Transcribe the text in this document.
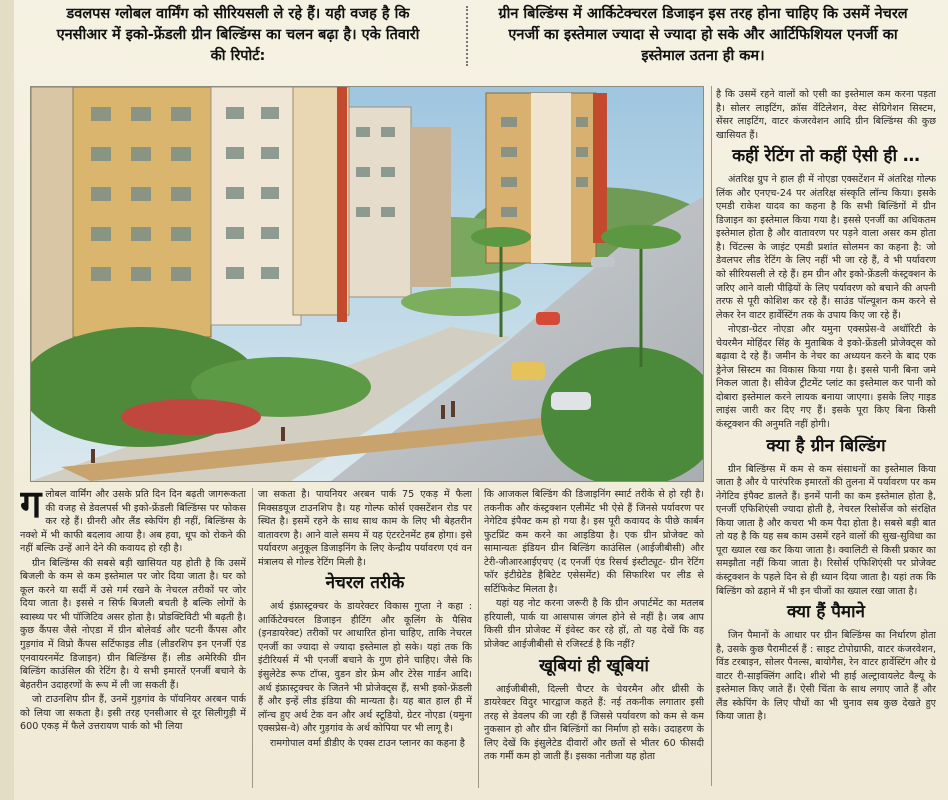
डवलपस ग्लोबल वार्मिंग को सीरियसली ले रहे हैं। यही वजह है कि एनसीआर में इको-फ्रेंडली ग्रीन बिल्डिंग्स का चलन बढ़ा है। एके तिवारी की रिपोर्ट:
ग्रीन बिल्डिंग्स में आर्किटेक्चरल डिजाइन इस तरह होना चाहिए कि उसमें नेचरल एनर्जी का इस्तेमाल ज्यादा से ज्यादा हो सके और आर्टिफिशियल एनर्जी का इस्तेमाल उतना ही कम।

गलोबल वार्मिंग और उसके प्रति दिन दिन बढ़ती जागरूकता की वजह से डेवलपर्स भी इको-फ्रेंडली बिल्डिंग्स पर फोकस कर रहे हैं। ग्रीनरी और लैंड स्केपिंग ही नहीं, बिल्डिंग्स के नक्शे में भी काफी बदलाव आया है। अब हवा, धूप को रोकने की नहीं बल्कि उन्हें आने देने की कवायद हो रही है।

ग्रीन बिल्डिंग्स की सबसे बड़ी खासियत यह होती है कि उसमें बिजली के कम से कम इस्तेमाल पर जोर दिया जाता है। घर को कूल करने या सर्दी में उसे गर्म रखने के नेचरल तरीकों पर जोर दिया जाता है। इससे न सिर्फ बिजली बचती है बल्कि लोगों के स्वास्थ्य पर भी पॉजिटिव असर होता है। प्रोडक्टिविटी भी बढ़ती है। कुछ कैंपस जैसे नोएडा में ग्रीन बोलेवर्ड और पटनी कैंपस और गुड़गांव में विप्रो कैंपस सर्टिफाइड लीड (लीडरशिप इन एनर्जी एंड एनवायरनमेंट डिजाइन) ग्रीन बिल्डिंग्स हैं। लीड अमेरिकी ग्रीन बिल्डिंग काउंसिल की रेटिंग है। ये सभी इमारतें एनर्जी बचाने के बेहतरीन उदाहरणों के रूप में ली जा सकती हैं।

जो टाउनशिप ग्रीन हैं, उनमें गुड़गांव के पॉयनियर अरबन पार्क को लिया जा सकता है। इसी तरह एनसीआर से दूर सिलीगुड़ी में 600 एकड़ में फैले उत्तरायण पार्क को भी लिया

जा सकता है। पायनियर अरबन पार्क 75 एकड़ में फैला मिक्सडयूज टाउनशिप है। यह गोल्फ कोर्स एक्सटेंशन रोड पर स्थित है। इसमें रहने के साथ साथ काम के लिए भी बेहतरीन वातावरण है। आने वाले समय में यह एंटरटेनमेंट हब होगा। इसे पर्यावरण अनुकूल डिजाइनिंग के लिए केन्द्रीय पर्यावरण एवं वन मंत्रालय से गोल्ड रेटिंग मिली है।

नेचरल तरीके

अर्थ इंफ्रास्ट्रक्चर के डायरेक्टर विकास गुप्ता ने कहा : आर्किटेक्चरल डिजाइन हीटिंग और कूलिंग के पैसिव (इनडायरेक्ट) तरीकों पर आधारित होना चाहिए, ताकि नेचरल एनर्जी का ज्यादा से ज्यादा इस्तेमाल हो सके। यहां तक कि इंटीरियर्स में भी एनर्जी बचाने के गुण होने चाहिए। जैसे कि इंसुलेटेड रूफ टॉप्स, वुडन डोर फ्रेम और टेरेस गार्डन आदि। अर्थ इंफ्रास्ट्रक्चर के जितने भी प्रोजेक्ट्स हैं, सभी इको-फ्रेंडली हैं और इन्हें लीड इंडिया की मान्यता है। यह बात हाल ही में लॉन्च हुए अर्थ टेक वन और अर्थ स्टूडियो, ग्रेटर नोएडा (यमुना एक्सप्रेस-वे) और गुड़गांव के अर्थ कोपिया पर भी लागू है।

रामगोपाल वर्मा डीडीए के एक्स टाउन प्लानर का कहना है

कि आजकल बिल्डिंग की डिजाइनिंग स्मार्ट तरीके से हो रही है। तकनीक और कंस्ट्रक्शन एलीमेंट भी ऐसे हैं जिनसे पर्यावरण पर नेगेटिव इंपैक्ट कम हो गया है। इस पूरी कवायद के पीछे कार्बन फुटप्रिंट कम करने का आइडिया है। एक ग्रीन प्रोजेक्ट को सामान्यतः इंडियन ग्रीन बिल्डिंग काउंसिल (आईजीबीसी) और टेरी-जीआरआईएचए (द एनर्जी एंड रिसर्च इंस्टीट्यूट- ग्रीन रेटिंग फॉर इंटीग्रेटेड हैबिटेट एसेसमेंट) की सिफारिश पर लीड से सर्टिफिकेट मिलता है।

यहां यह नोट करना जरूरी है कि ग्रीन अपार्टमेंट का मतलब हरियाली, पार्क या आसपास जंगल होने से नहीं है। जब आप किसी ग्रीन प्रोजेक्ट में इंवेस्ट कर रहे हों, तो यह देखें कि वह प्रोजेक्ट आईजीबीसी से रजिस्टर्ड है कि नहीं?

खूबियां ही खूबियां

आईजीबीसी, दिल्ली चैप्टर के चेयरमैन और थ्रीसी के डायरेक्टर विदुर भारद्वाज कहते हैं: नई तकनीक लगातार इसी तरह से डेवलप की जा रही हैं जिससे पर्यावरण को कम से कम नुकसान हो और ग्रीन बिल्डिंगों का निर्माण हो सके। उदाहरण के लिए देखें कि इंसुलेटेड दीवारों और छतों से भीतर 60 फीसदी तक गर्मी कम हो जाती हैं। इसका नतीजा यह होता

है कि उसमें रहने वालों को एसी का इस्तेमाल कम करना पड़ता है। सोलर लाइटिंग, क्रॉस वेंटिलेशन, वेस्ट सेग्रिगेशन सिस्टम, सेंसर लाइटिंग, वाटर कंजरवेशन आदि ग्रीन बिल्डिंग्स की कुछ खासियत हैं।

कहीं रेटिंग तो कहीं ऐसी ही …

अंतरिक्ष ग्रुप ने हाल ही में नोएडा एक्सटेंशन में अंतरिक्ष गोल्फ लिंक और एनएच-24 पर अंतरिक्ष संस्कृति लॉन्च किया। इसके एमडी राकेश यादव का कहना है कि सभी बिल्डिंगों में ग्रीन डिजाइन का इस्तेमाल किया गया है। इससे एनर्जी का अधिकतम इस्तेमाल होता है और वातावरण पर पड़ने वाला असर कम होता है। चिंटल्स के जाइंट एमडी प्रशांत सोलमन का कहना है: जो डेवलपर लीड रेटिंग के लिए नहीं भी जा रहे हैं, वे भी पर्यावरण को सीरियसली ले रहे हैं। हम ग्रीन और इको-फ्रेंडली कंस्ट्रक्शन के जरिए आने वाली पीढ़ियों के लिए पर्यावरण को बचाने की अपनी तरफ से पूरी कोशिश कर रहे हैं। साउंड पॉल्यूशन कम करने से लेकर रेन वाटर हार्वेस्टिंग तक के उपाय किए जा रहे हैं।

नोएडा-ग्रेटर नोएडा और यमुना एक्सप्रेस-वे अथॉरिटी के चेयरमैन मोहिंदर सिंह के मुताबिक वे इको-फ्रेंडली प्रोजेक्ट्स को बढ़ावा दे रहे हैं। जमीन के नेचर का अध्ययन करने के बाद एक ड्रेनेज सिस्टम का विकास किया गया है। इससे पानी बिना जमे निकल जाता है। सीवेज ट्रीटमेंट प्लांट का इस्तेमाल कर पानी को दोबारा इस्तेमाल करने लायक बनाया जाएगा। इसके लिए गाइड लाइंस जारी कर दिए गए हैं। इसके पूरा किए बिना किसी कंस्ट्रक्शन की अनुमति नहीं होगी।

क्या है ग्रीन बिल्डिंग

ग्रीन बिल्डिंग्स में कम से कम संसाधनों का इस्तेमाल किया जाता है और ये पारंपरिक इमारतों की तुलना में पर्यावरण पर कम नेगेटिव इंपैक्ट डालते हैं। इनमें पानी का कम इस्तेमाल होता है, एनर्जी एफिशिएंसी ज्यादा होती है, नेचरल रिसोर्सेज को संरक्षित किया जाता है और कचरा भी कम पैदा होता है। सबसे बड़ी बात तो यह है कि यह सब काम उसमें रहने वालों की सुख-सुविधा का पूरा ख्याल रख कर किया जाता है। क्वालिटी से किसी प्रकार का समझौता नहीं किया जाता है। रिसोर्स एफिशिएंसी पर प्रोजेक्ट कंस्ट्रक्शन के पहले दिन से ही ध्यान दिया जाता है। यहां तक कि बिल्डिंग को ढहाने में भी इन चीजों का ख्याल रखा जाता है।

क्या हैं पैमाने

जिन पैमानों के आधार पर ग्रीन बिल्डिंग्स का निर्धारण होता है, उसके कुछ पैरामीटर्स हैं : साइट टोपोग्राफी, वाटर कंजरवेशन, विंड टरबाइन, सोलर पैनल्स, बायोगैस, रेन वाटर हार्वेस्टिंग और ग्रे वाटर री-साइक्लिंग आदि। शीशे भी हाई अल्ट्रावायलेट वैल्यू के इस्तेमाल किए जाते हैं। ऐसी चिंता के साथ लगाए जाते हैं और लैंड स्केपिंग के लिए पौधों का भी चुनाव सब कुछ देखते हुए किया जाता है।
